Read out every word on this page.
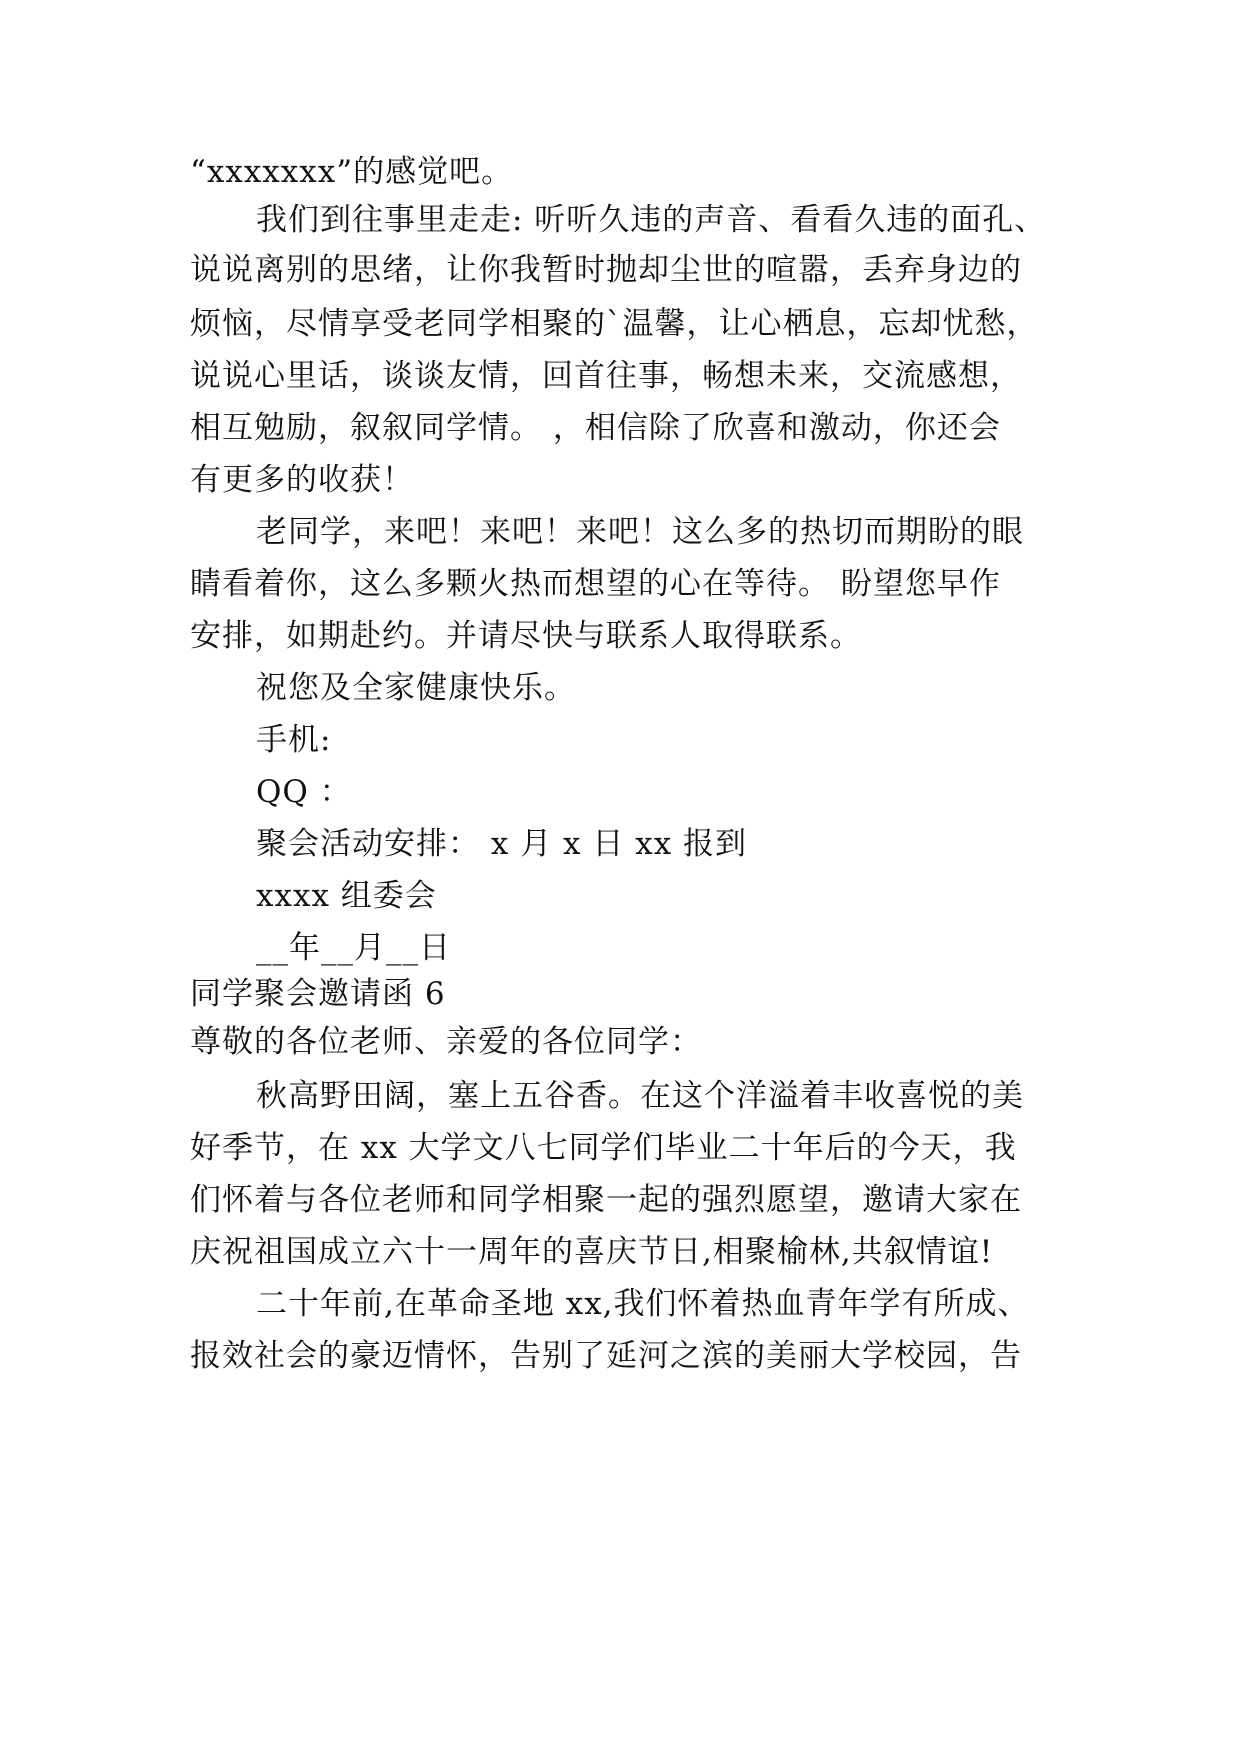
“xxxxxxx”的感觉吧。
我们到往事里走走: 听听久违的声音、看看久违的面孔、
说说离别的思绪，让你我暂时抛却尘世的喧嚣，丢弃身边的
烦恼，尽情享受老同学相聚的`温馨，让心栖息，忘却忧愁，
说说心里话，谈谈友情，回首往事，畅想未来，交流感想，
相互勉励，叙叙同学情。 ，相信除了欣喜和激动，你还会
有更多的收获！
老同学，来吧！来吧！来吧！这么多的热切而期盼的眼
睛看着你，这么多颗火热而想望的心在等待。 盼望您早作
安排，如期赴约。并请尽快与联系人取得联系。
祝您及全家健康快乐。
手机:
QQ ：
聚会活动安排： x 月 x 日 xx 报到
xxxx 组委会
__年__月__日
同学聚会邀请函 6
尊敬的各位老师、亲爱的各位同学：
秋高野田阔，塞上五谷香。在这个洋溢着丰收喜悦的美
好季节，在 xx 大学文八七同学们毕业二十年后的今天，我
们怀着与各位老师和同学相聚一起的强烈愿望，邀请大家在
庆祝祖国成立六十一周年的喜庆节日,相聚榆林,共叙情谊!
二十年前,在革命圣地 xx,我们怀着热血青年学有所成、
报效社会的豪迈情怀，告别了延河之滨的美丽大学校园，告
